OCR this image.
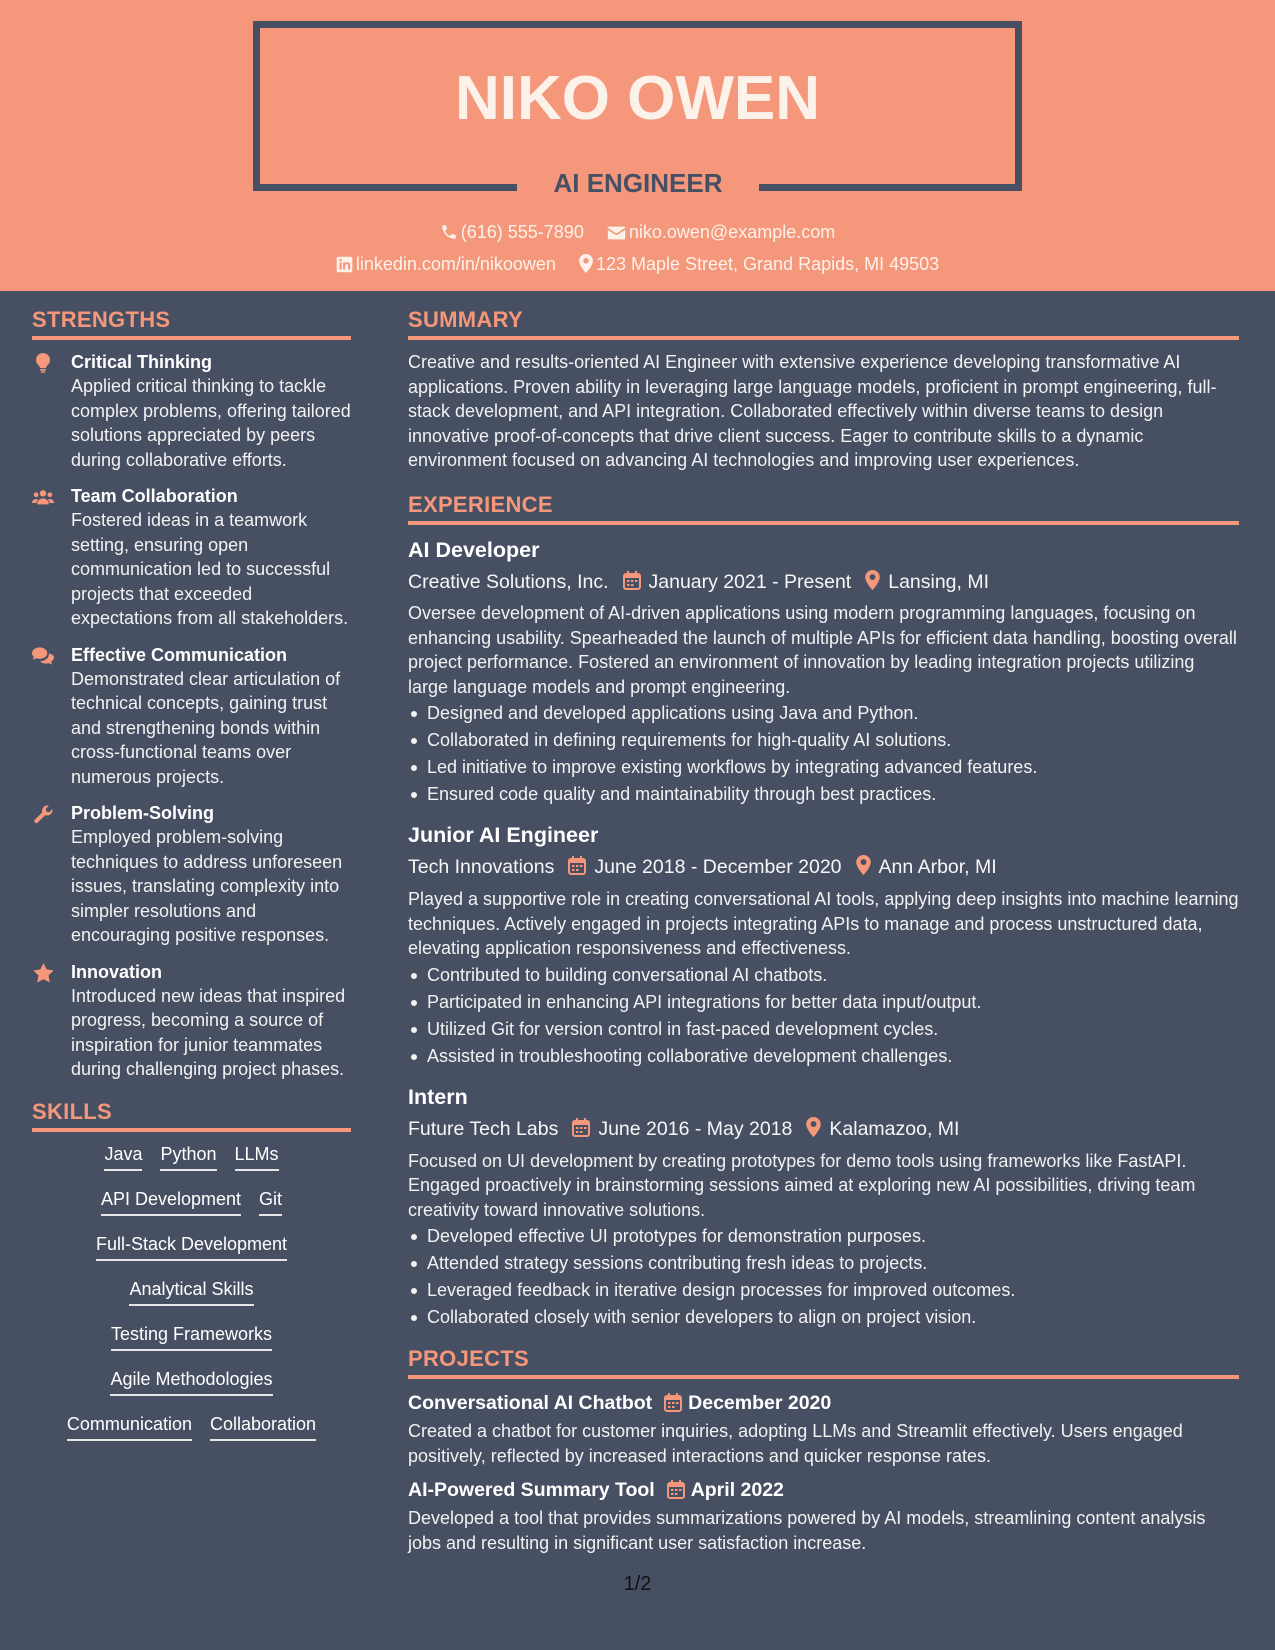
NIKO OWEN
AI ENGINEER
(616) 555-7890	niko.owen@example.com
linkedin.com/in/nikoowen 123 Maple Street, Grand Rapids, MI 49503
STRENGTHS
Critical Thinking
Applied critical thinking to tackle complex problems, offering tailored solutions appreciated by peers during collaborative efforts.
Team Collaboration
Fostered ideas in a teamwork setting, ensuring open communication led to successful projects that exceeded expectations from all stakeholders.
Effective Communication
Demonstrated clear articulation of technical concepts, gaining trust and strengthening bonds within cross-functional teams over numerous projects.
Problem-Solving
Employed problem-solving techniques to address unforeseen issues, translating complexity into simpler resolutions and encouraging positive responses.
Innovation
Introduced new ideas that inspired progress, becoming a source of inspiration for junior teammates during challenging project phases.
SKILLS
Java Python LLMs
API Development Git
Full-Stack Development
Analytical Skills
Testing Frameworks
Agile Methodologies
Communication Collaboration
SUMMARY
Creative and results-oriented AI Engineer with extensive experience developing transformative AI applications. Proven ability in leveraging large language models, proficient in prompt engineering, full-stack development, and API integration. Collaborated effectively within diverse teams to design innovative proof-of-concepts that drive client success. Eager to contribute skills to a dynamic environment focused on advancing AI technologies and improving user experiences.
EXPERIENCE
AI Developer
Creative Solutions, Inc. January 2021 - Present Lansing, MI
Oversee development of AI-driven applications using modern programming languages, focusing on enhancing usability. Spearheaded the launch of multiple APIs for efficient data handling, boosting overall project performance. Fostered an environment of innovation by leading integration projects utilizing large language models and prompt engineering.
Designed and developed applications using Java and Python.
Collaborated in defining requirements for high-quality AI solutions.
Led initiative to improve existing workflows by integrating advanced features.
Ensured code quality and maintainability through best practices.
Junior AI Engineer
Tech Innovations June 2018 - December 2020 Ann Arbor, MI
Played a supportive role in creating conversational AI tools, applying deep insights into machine learning techniques. Actively engaged in projects integrating APIs to manage and process unstructured data, elevating application responsiveness and effectiveness.
Contributed to building conversational AI chatbots.
Participated in enhancing API integrations for better data input/output.
Utilized Git for version control in fast-paced development cycles.
Assisted in troubleshooting collaborative development challenges.
Intern
Future Tech Labs June 2016 - May 2018 Kalamazoo, MI
Focused on UI development by creating prototypes for demo tools using frameworks like FastAPI. Engaged proactively in brainstorming sessions aimed at exploring new AI possibilities, driving team creativity toward innovative solutions.
Developed effective UI prototypes for demonstration purposes.
Attended strategy sessions contributing fresh ideas to projects.
Leveraged feedback in iterative design processes for improved outcomes.
Collaborated closely with senior developers to align on project vision.
PROJECTS
Conversational AI Chatbot December 2020
Created a chatbot for customer inquiries, adopting LLMs and Streamlit effectively. Users engaged positively, reflected by increased interactions and quicker response rates.
AI-Powered Summary Tool April 2022
Developed a tool that provides summarizations powered by AI models, streamlining content analysis jobs and resulting in significant user satisfaction increase.
1/2
